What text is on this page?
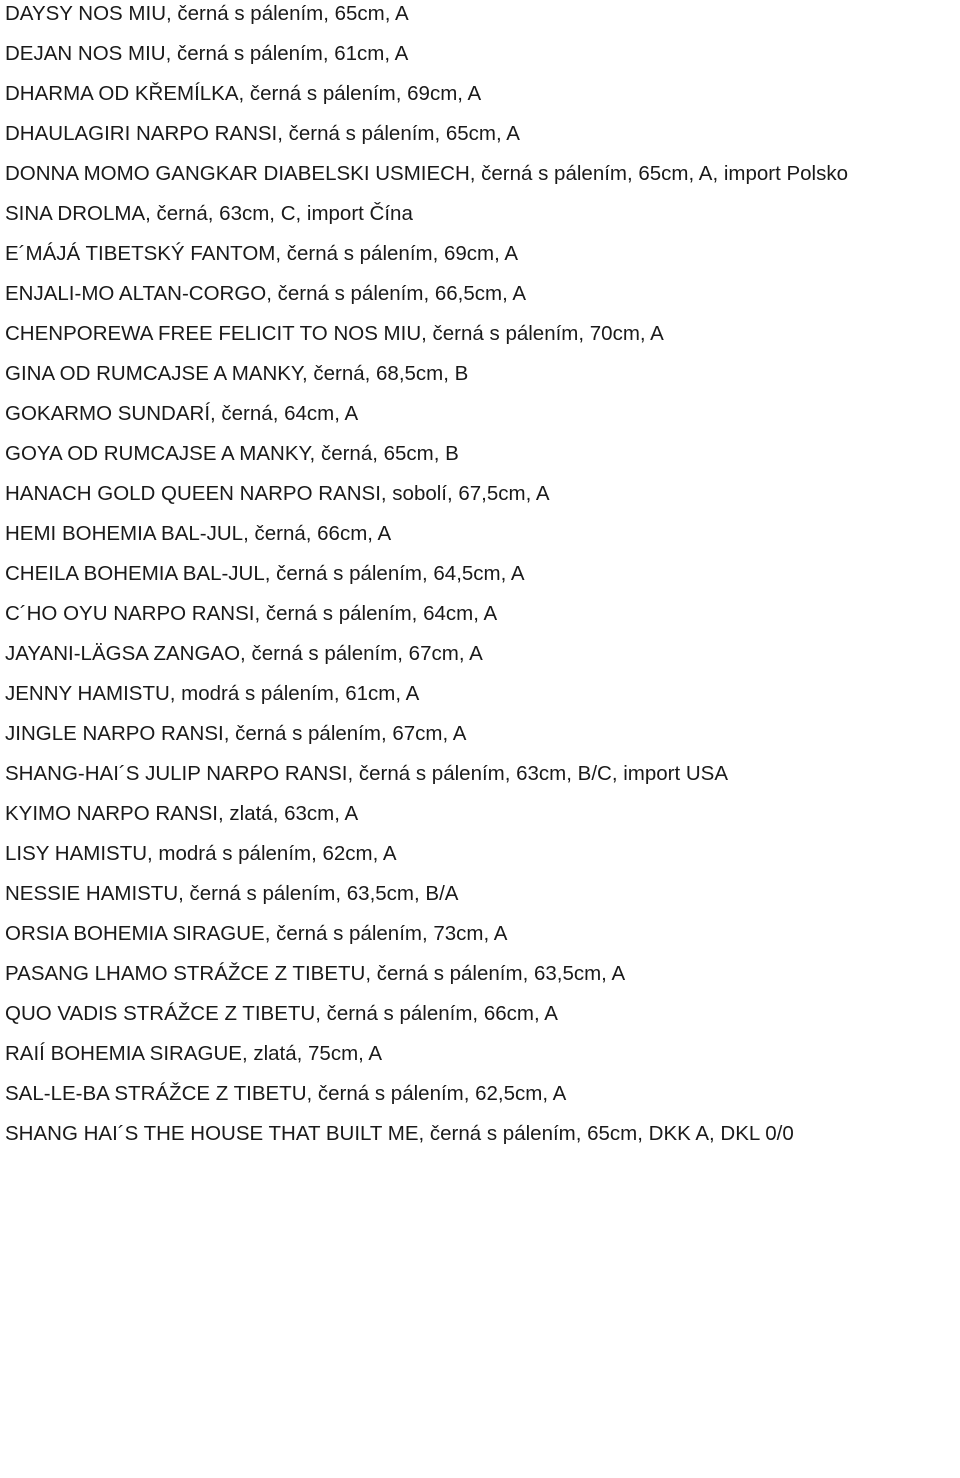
DAYSY NOS MIU, černá s pálením, 65cm, A
DEJAN NOS MIU, černá s pálením, 61cm, A
DHARMA OD KŘEMÍLKA, černá s pálením, 69cm, A
DHAULAGIRI NARPO RANSI, černá s pálením, 65cm, A
DONNA MOMO GANGKAR DIABELSKI USMIECH, černá s pálením, 65cm, A, import Polsko
SINA DROLMA, černá, 63cm, C, import Čína
E´MÁJÁ TIBETSKÝ FANTOM, černá s pálením, 69cm, A
ENJALI-MO ALTAN-CORGO, černá s pálením, 66,5cm, A
CHENPOREWA FREE FELICIT TO NOS MIU, černá s pálením, 70cm, A
GINA OD RUMCAJSE A MANKY, černá, 68,5cm, B
GOKARMO SUNDARÍ, černá, 64cm, A
GOYA OD RUMCAJSE A MANKY, černá, 65cm, B
HANACH GOLD QUEEN NARPO RANSI, sobolí, 67,5cm, A
HEMI BOHEMIA BAL-JUL, černá, 66cm, A
CHEILA BOHEMIA BAL-JUL, černá s pálením, 64,5cm, A
C´HO OYU NARPO RANSI, černá s pálením, 64cm, A
JAYANI-LÄGSA ZANGAO, černá s pálením, 67cm, A
JENNY HAMISTU, modrá s pálením, 61cm, A
JINGLE NARPO RANSI, černá s pálením, 67cm, A
SHANG-HAI´S JULIP NARPO RANSI, černá s pálením, 63cm, B/C, import USA
KYIMO NARPO RANSI, zlatá, 63cm, A
LISY HAMISTU, modrá s pálením, 62cm, A
NESSIE HAMISTU, černá s pálením, 63,5cm, B/A
ORSIA BOHEMIA SIRAGUE, černá s pálením, 73cm, A
PASANG LHAMO STRÁŽCE Z TIBETU, černá s pálením, 63,5cm, A
QUO VADIS STRÁŽCE Z TIBETU, černá s pálením, 66cm, A
RAIÍ BOHEMIA SIRAGUE, zlatá, 75cm, A
SAL-LE-BA STRÁŽCE Z TIBETU, černá s pálením, 62,5cm, A
SHANG HAI´S THE HOUSE THAT BUILT ME, černá s pálením, 65cm, DKK A, DKL 0/0
